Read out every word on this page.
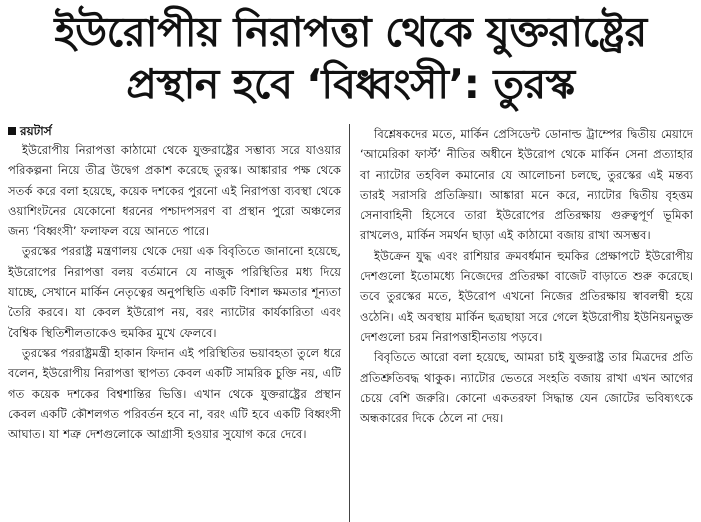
ইউরোপীয় নিরাপত্তা থেকে যুক্তরাষ্ট্রের
প্রস্থান হবে ‘বিধ্বংসী’: তুরস্ক
রয়টার্স

ইউরোপীয় নিরাপত্তা কাঠামো থেকে যুক্তরাষ্ট্রের সম্ভাব্য সরে যাওয়ার পরিকল্পনা নিয়ে তীব্র উদ্বেগ প্রকাশ করেছে তুরস্ক। আঙ্কারার পক্ষ থেকে সতর্ক করে বলা হয়েছে, কয়েক দশকের পুরনো এই নিরাপত্তা ব্যবস্থা থেকে ওয়াশিংটনের যেকোনো ধরনের পশ্চাদপসরণ বা প্রস্থান পুরো অঞ্চলের জন্য ‘বিধ্বংসী’ ফলাফল বয়ে আনতে পারে।

তুরস্কের পররাষ্ট্র মন্ত্রণালয় থেকে দেয়া এক বিবৃতিতে জানানো হয়েছে, ইউরোপের নিরাপত্তা বলয় বর্তমানে যে নাজুক পরিস্থিতির মধ্য দিয়ে যাচ্ছে, সেখানে মার্কিন নেতৃত্বের অনুপস্থিতি একটি বিশাল ক্ষমতার শূন্যতা তৈরি করবে। যা কেবল ইউরোপ নয়, বরং ন্যাটোর কার্যকারিতা এবং বৈশ্বিক স্থিতিশীলতাকেও হুমকির মুখে ফেলবে।

তুরস্কের পররাষ্ট্রমন্ত্রী হাকান ফিদান এই পরিস্থিতির ভয়াবহতা তুলে ধরে বলেন, ইউরোপীয় নিরাপত্তা স্থাপত্য কেবল একটি সামরিক চুক্তি নয়, এটি গত কয়েক দশকের বিশ্বশান্তির ভিত্তি। এখান থেকে যুক্তরাষ্ট্রের প্রস্থান কেবল একটি কৌশলগত পরিবর্তন হবে না, বরং এটি হবে একটি বিধ্বংসী আঘাত। যা শত্রু দেশগুলোকে আগ্রাসী হওয়ার সুযোগ করে দেবে।

বিশ্লেষকদের মতে, মার্কিন প্রেসিডেন্ট ডোনাল্ড ট্রাম্পের দ্বিতীয় মেয়াদে ‘আমেরিকা ফার্স্ট’ নীতির অধীনে ইউরোপ থেকে মার্কিন সেনা প্রত্যাহার বা ন্যাটোর তহবিল কমানোর যে আলোচনা চলছে, তুরস্কের এই মন্তব্য তারই সরাসরি প্রতিক্রিয়া। আঙ্কারা মনে করে, ন্যাটোর দ্বিতীয় বৃহত্তম সেনাবাহিনী হিসেবে তারা ইউরোপের প্রতিরক্ষায় গুরুত্বপূর্ণ ভূমিকা রাখলেও, মার্কিন সমর্থন ছাড়া এই কাঠামো বজায় রাখা অসম্ভব।

ইউক্রেন যুদ্ধ এবং রাশিয়ার ক্রমবর্ধমান হুমকির প্রেক্ষাপটে ইউরোপীয় দেশগুলো ইতোমধ্যে নিজেদের প্রতিরক্ষা বাজেট বাড়াতে শুরু করেছে। তবে তুরস্কের মতে, ইউরোপ এখনো নিজের প্রতিরক্ষায় স্বাবলম্বী হয়ে ওঠেনি। এই অবস্থায় মার্কিন ছত্রছায়া সরে গেলে ইউরোপীয় ইউনিয়নভুক্ত দেশগুলো চরম নিরাপত্তাহীনতায় পড়বে।

বিবৃতিতে আরো বলা হয়েছে, আমরা চাই যুক্তরাষ্ট্র তার মিত্রদের প্রতি প্রতিশ্রুতিবদ্ধ থাকুক। ন্যাটোর ভেতরে সংহতি বজায় রাখা এখন আগের চেয়ে বেশি জরুরি। কোনো একতরফা সিদ্ধান্ত যেন জোটের ভবিষ্যৎকে অন্ধকারের দিকে ঠেলে না দেয়।
